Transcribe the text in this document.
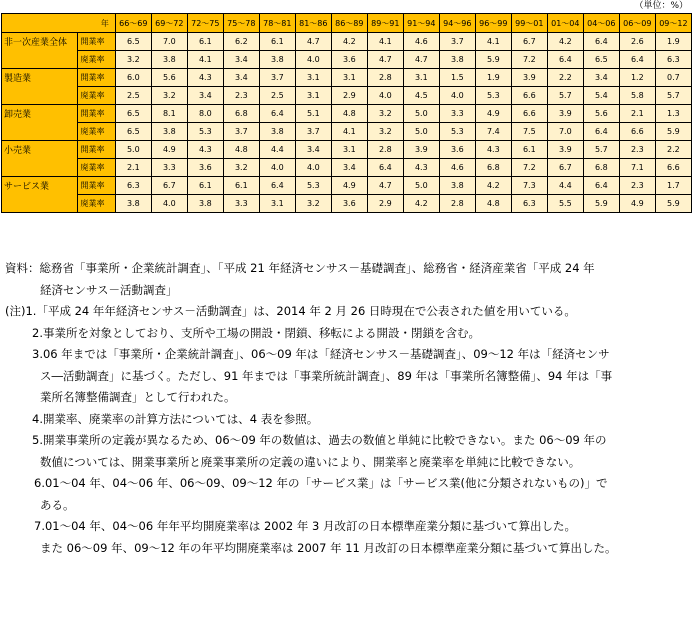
（単位：%）
年		66〜69	69〜72	72〜75	75〜78	78〜81	81〜86	86〜89	89〜91	91〜94	94〜96	96〜99	99〜01	01〜04	04〜06	06〜09	09〜12
非一次産業全体	開業率	6.5	7.0	6.1	6.2	6.1	4.7	4.2	4.1	4.6	3.7	4.1	6.7	4.2	6.4	2.6	1.9
	廃業率	3.2	3.8	4.1	3.4	3.8	4.0	3.6	4.7	4.7	3.8	5.9	7.2	6.4	6.5	6.4	6.3
製造業	開業率	6.0	5.6	4.3	3.4	3.7	3.1	3.1	2.8	3.1	1.5	1.9	3.9	2.2	3.4	1.2	0.7
	廃業率	2.5	3.2	3.4	2.3	2.5	3.1	2.9	4.0	4.5	4.0	5.3	6.6	5.7	5.4	5.8	5.7
卸売業	開業率	6.5	8.1	8.0	6.8	6.4	5.1	4.8	3.2	5.0	3.3	4.9	6.6	3.9	5.6	2.1	1.3
	廃業率	6.5	3.8	5.3	3.7	3.8	3.7	4.1	3.2	5.0	5.3	7.4	7.5	7.0	6.4	6.6	5.9
小売業	開業率	5.0	4.9	4.3	4.8	4.4	3.4	3.1	2.8	3.9	3.6	4.3	6.1	3.9	5.7	2.3	2.2
	廃業率	2.1	3.3	3.6	3.2	4.0	4.0	3.4	6.4	4.3	4.6	6.8	7.2	6.7	6.8	7.1	6.6
サービス業	開業率	6.3	6.7	6.1	6.1	6.4	5.3	4.9	4.7	5.0	3.8	4.2	7.3	4.4	6.4	2.3	1.7
	廃業率	3.8	4.0	3.8	3.3	3.1	3.2	3.6	2.9	4.2	2.8	4.8	6.3	5.5	5.9	4.9	5.9

資料：総務省「事業所・企業統計調査」、「平成 21 年経済センサス－基礎調査」、総務省・経済産業省「平成 24 年

経済センサス－活動調査」

(注)1.「平成 24 年年経済センサス－活動調査」は、2014 年 2 月 26 日時現在で公表された値を用いている。

2.事業所を対象としており、支所や工場の開設・閉鎖、移転による開設・閉鎖を含む。

3.06 年までは「事業所・企業統計調査」、06～09 年は「経済センサス－基礎調査」、09～12 年は「経済センサ

ス―活動調査」に基づく。ただし、91 年までは「事業所統計調査」、89 年は「事業所名簿整備」、94 年は「事

業所名簿整備調査」として行われた。

4.開業率、廃業率の計算方法については、4 表を参照。

5.開業事業所の定義が異なるため、06～09 年の数値は、過去の数値と単純に比較できない。また 06～09 年の

数値については、開業事業所と廃業事業所の定義の違いにより、開業率と廃業率を単純に比較できない。

6.01～04 年、04～06 年、06～09、09～12 年の「サービス業」は「サービス業(他に分類されないもの)」で

ある。

7.01～04 年、04～06 年年平均開廃業率は 2002 年 3 月改訂の日本標準産業分類に基づいて算出した。

また 06～09 年、09～12 年の年平均開廃業率は 2007 年 11 月改訂の日本標準産業分類に基づいて算出した。
